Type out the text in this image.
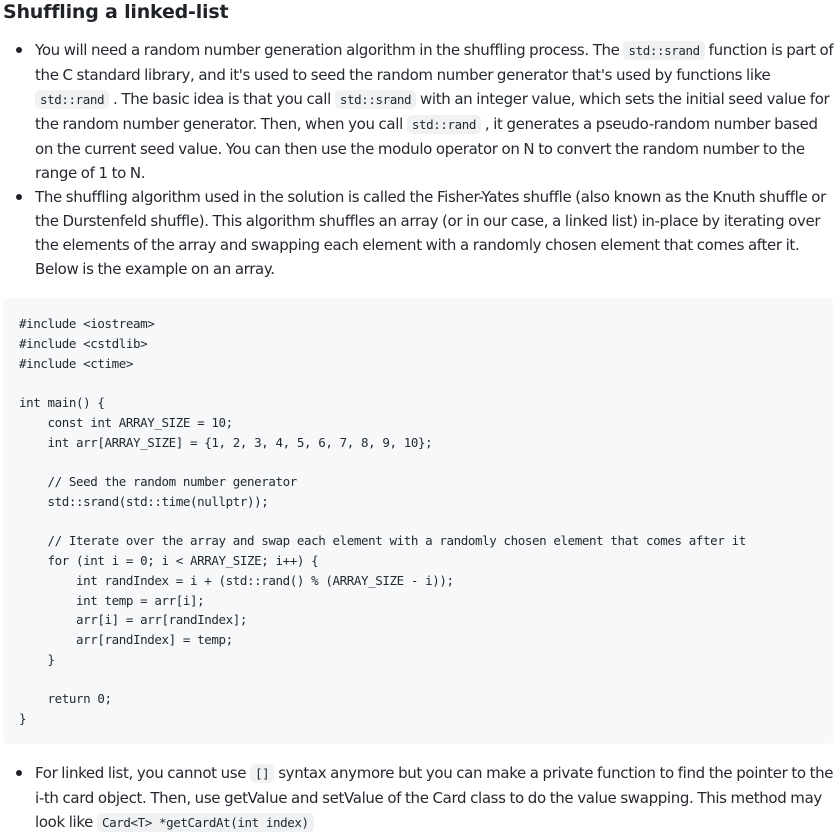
Shuffling a linked-list
You will need a random number generation algorithm in the shuffling process. The std::srand function is part of the C standard library, and it's used to seed the random number generator that's used by functions like std::rand . The basic idea is that you call std::srand with an integer value, which sets the initial seed value for the random number generator. Then, when you call std::rand , it generates a pseudo-random number based on the current seed value. You can then use the modulo operator on N to convert the random number to the range of 1 to N.
The shuffling algorithm used in the solution is called the Fisher-Yates shuffle (also known as the Knuth shuffle or the Durstenfeld shuffle). This algorithm shuffles an array (or in our case, a linked list) in-place by iterating over the elements of the array and swapping each element with a randomly chosen element that comes after it. Below is the example on an array.
#include <iostream>
#include <cstdlib>
#include <ctime>
int main() {
const int ARRAY_SIZE = 10;
int arr[ARRAY_SIZE] = {1, 2, 3, 4, 5, 6, 7, 8, 9, 10};
// Seed the random number generator
std::srand(std::time(nullptr));
// Iterate over the array and swap each element with a randomly chosen element that comes after it
for (int i = 0; i < ARRAY_SIZE; i++) {
int randIndex = i + (std::rand() % (ARRAY_SIZE - i));
int temp = arr[i];
arr[i] = arr[randIndex];
arr[randIndex] = temp;
}
return 0;
}
For linked list, you cannot use [] syntax anymore but you can make a private function to find the pointer to the i-th card object. Then, use getValue and setValue of the Card class to do the value swapping. This method may look like Card<T> *getCardAt(int index)
